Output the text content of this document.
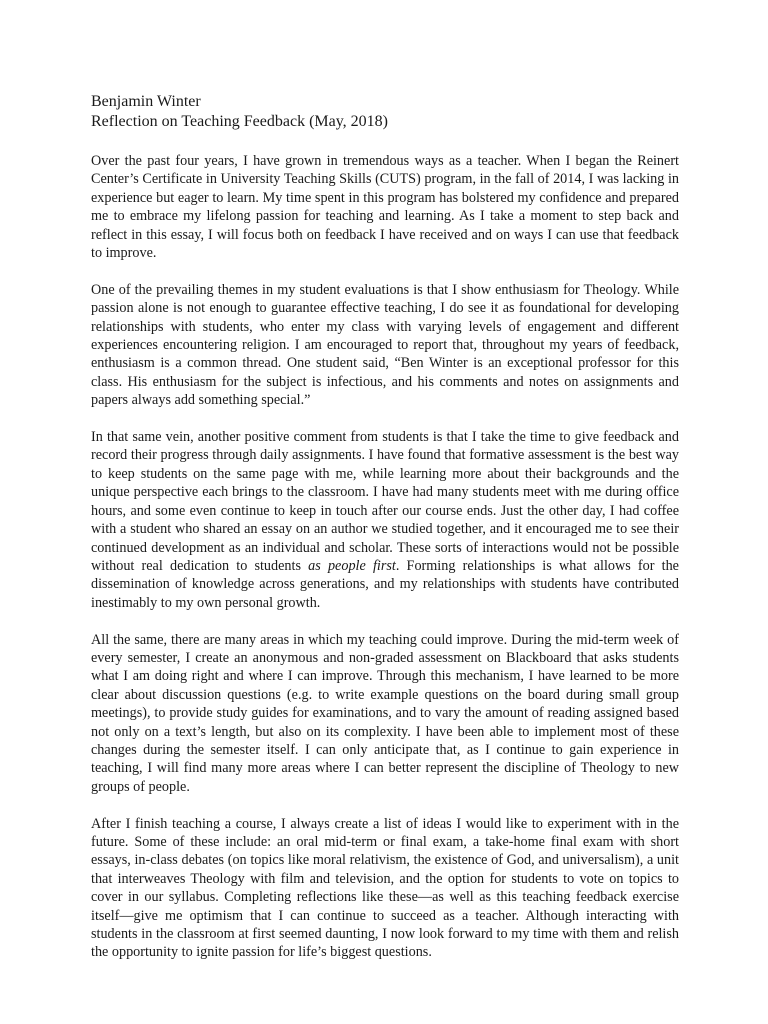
Benjamin Winter

Reflection on Teaching Feedback (May, 2018)

Over the past four years, I have grown in tremendous ways as a teacher. When I began the Reinert Center’s Certificate in University Teaching Skills (CUTS) program, in the fall of 2014, I was lacking in experience but eager to learn. My time spent in this program has bolstered my confidence and prepared me to embrace my lifelong passion for teaching and learning. As I take a moment to step back and reflect in this essay, I will focus both on feedback I have received and on ways I can use that feedback to improve.

One of the prevailing themes in my student evaluations is that I show enthusiasm for Theology. While passion alone is not enough to guarantee effective teaching, I do see it as foundational for developing relationships with students, who enter my class with varying levels of engagement and different experiences encountering religion. I am encouraged to report that, throughout my years of feedback, enthusiasm is a common thread. One student said, “Ben Winter is an exceptional professor for this class. His enthusiasm for the subject is infectious, and his comments and notes on assignments and papers always add something special.”

In that same vein, another positive comment from students is that I take the time to give feedback and record their progress through daily assignments. I have found that formative assessment is the best way to keep students on the same page with me, while learning more about their backgrounds and the unique perspective each brings to the classroom. I have had many students meet with me during office hours, and some even continue to keep in touch after our course ends. Just the other day, I had coffee with a student who shared an essay on an author we studied together, and it encouraged me to see their continued development as an individual and scholar. These sorts of interactions would not be possible without real dedication to students as people first. Forming relationships is what allows for the dissemination of knowledge across generations, and my relationships with students have contributed inestimably to my own personal growth.

All the same, there are many areas in which my teaching could improve. During the mid-term week of every semester, I create an anonymous and non-graded assessment on Blackboard that asks students what I am doing right and where I can improve. Through this mechanism, I have learned to be more clear about discussion questions (e.g. to write example questions on the board during small group meetings), to provide study guides for examinations, and to vary the amount of reading assigned based not only on a text’s length, but also on its complexity. I have been able to implement most of these changes during the semester itself. I can only anticipate that, as I continue to gain experience in teaching, I will find many more areas where I can better represent the discipline of Theology to new groups of people.

After I finish teaching a course, I always create a list of ideas I would like to experiment with in the future. Some of these include: an oral mid-term or final exam, a take-home final exam with short essays, in-class debates (on topics like moral relativism, the existence of God, and universalism), a unit that interweaves Theology with film and television, and the option for students to vote on topics to cover in our syllabus. Completing reflections like these—as well as this teaching feedback exercise itself—give me optimism that I can continue to succeed as a teacher. Although interacting with students in the classroom at first seemed daunting, I now look forward to my time with them and relish the opportunity to ignite passion for life’s biggest questions.
